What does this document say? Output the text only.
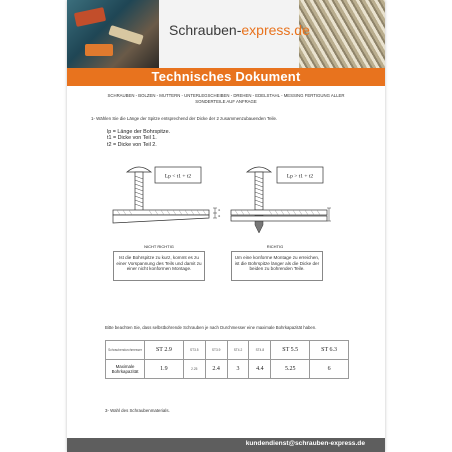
Schrauben-express.de
Technisches Dokument
SCHRAUBEN - BOLZEN - MUTTERN - UNTERLEGSCHEIBEN - DREHEN - EDELSTAHL - MESSING FERTIGUNG ALLER SONDERTEILE AUF ANFRAGE
1- Wählen Sie die Länge der Spitze entsprechend der Dicke der 2 zusammenzubauenden Teile.
lp = Länge der Bohrspitze.
t1 = Dicke von Teil 1.
t2 = Dicke von Teil 2.
Lp < t1 + t2
t1
t2
Lp > t1 + t2
NICHT RICHTIG
Ist die Bohrspitze zu kurz, kommt es zu einer Vorspannung des Teils und damit zu einer nicht konformen Montage.
RICHTIG
Um eine konforme Montage zu erreichen, ist die Bohrspitze länger als die Dicke der beiden zu bohrenden Teile.
Bitte beachten Sie, dass selbstbohrende Schrauben je nach Durchmesser eine maximale Bohrkapazität haben.
Schraubendurchmesser	ST 2.9	ST3.5	ST3.9	ST4.2	ST4.8	ST 5.5	ST 6.3
Maximale Bohrkapazität	1.9	2.25	2.4	3	4.4	5.25	6
3- Wahl des Schraubenmaterials.
kundendienst@schrauben-express.de
